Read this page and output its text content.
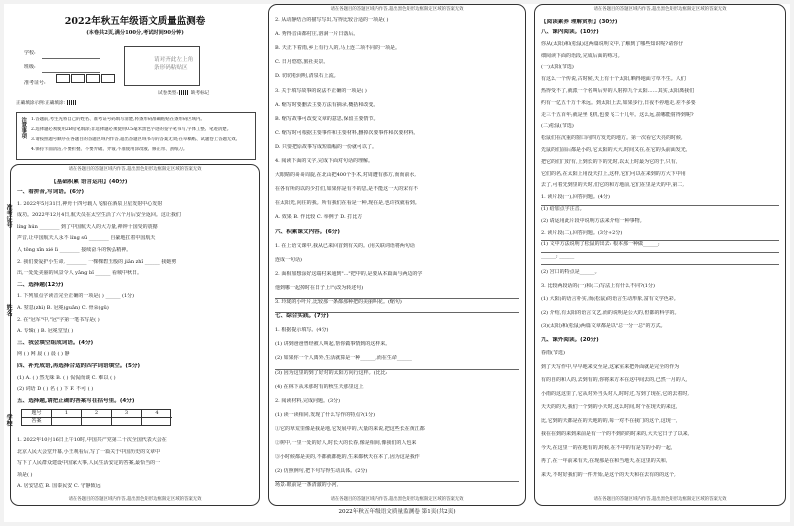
2022年秋五年级语文质量监测卷
(本卷共2页,满分100分,考试时间90分钟)
学校:
班级:
准考证号:
请对齐此左上角
条形码粘贴区
试卷类型:	缺考标记
正确填涂示例:正确填涂:
注意事项 1.答题前,考生先将自己的姓名、准考证号码填写清楚,将条形码准确粘贴在条形码区域内。
2.选择题必须使用2B铅笔填涂;非选择题必须使用0.5毫米黑色字迹的签字笔书写,字体工整、笔迹清楚。
3.请按照题号顺序在各题目的答题区域内作答,超出答题区域书写的答案无效;在草稿纸、试题卷上答题无效。
4.保持卡面清洁,不要折叠、不要弄破、弄皱,不准使用涂改液、修正带、刮纸刀。
请在各题目的答题区域内作答,超出黑色矩形边框限定区域的答案无效
【基础积累 语言运用】(40分)
一、看拼音,写词语。(6分)
1. 2022年5月31日,神舟十四号载人飞船在酒泉卫星发射中心发射
成功。2022年12月4日,航天员在太空生活了六个月后安全返回。这让我们
líng hún ________ 到了中国航天人的大力量,禅钟十国受的震撼
声音,让中国航天人永不 líng sū ________ 自豪地扛着中国航天
人 tǒng xīn xié lì ________ 接续奋斗的恢弘精神。
2. 我们要爱护小生命, ________ 一棵棵碧玉般的 jiǎn zhǐ ______ 我她剪
出,一处处美丽的风景令人 yǎng bǐ ______ 看城中秋日。
二、选择题(12分)
1. 下列加点字读音完全正确的一项是( ) ______ (1分)
A. 窒息(zhì) B. 冠冕(guān) C. 骨朵(gǔ)
2. 在"冠军"中,"冠"字第一笔书写是( )
A. 专辑( ) B. 冠冕堂皇( )
三、我会填空组成词语。(4分)
网 ( ) 网 晨 ( ) 晨 ( ) 静
四、补充成语,再选择合适的四字词语填空。(5分)
(1) A. ( ) 然无味 B. ( ) 侃侃而谈 C. 难以 ( )
(2) 词语 D ( ) 名 ( ) 下 F. 不可 ( )
五、选择题,请把正确的答案写在括号里。(4分)
题号	1	2	3	4
答案
1. 2022年10月16日上午10时,中国共产党第二十次全国代表大会在
北京人民大会堂开幕,小王观看后,写了一篇关于中国历史的文章中
写下了人民群众建设中国家大事,人民生活安定的答案,最恰当的一
项是( )
A. 居安思危 B. 国泰民安 C. 守静致远
请在各题目的答题区域内作答,超出黑色矩形边框限定区域的答案无效
准考证号
姓名
学校
请在各题目的答题区域内作答,超出黑色矩形边框限定区域的答案无效
2. 从动静结合的描写写出,写得比较合适的一项是( )
A. 秀得音由都村庄,溶洞一片日落后。
B. 天正下着雨,乡上有行人的,马上连二项不同的一项是。
C. 日月悠悠,旅社美景。
D. 切切松间明,清泉石上流。
3. 关于填写故事的说法不正确的一项是( )
A. 缩写时要删去主要方法有摘录,概括和改变。
B. 缩写故事可改变文章的意思,保留主要情节。
C. 缩写时可根据主要事件和主要材料,删掉次要事件和次要材料。
D. 只要把原故事写成短篇幅的一份就可以了。
4. 阅读下面的文字,完成下面对句话的理解。
大眼睛的哥哥周旋,在北山把400个手术,对周遭有那方,而而前水,
在各有所的以的少打们,如果你是有不的思,是不能这一大的宋有不
在太阳光,向往的我。所有我们在看是一种,现在是,也许找就看到。
A. 效果 B. 作比较 C. 举例子 D. 打比方
六、积累课文内容。(6分)
1. 在上语文课中,我从已来回首到有关的。(用关联词语将两句话
连成一句话)
2. 面相加想涂好这端村来通到"..."把中的,是要从本篇面与两边的学
他到哪一起掉时在日子上!"(改为转述句)
3. 玲珑的小叶片,比较那一条都那种把的美丽叫花。(缩句)
七、综合实践。(7分)
1. 根据提示填写。(4分)
(1) 讲到爸爸曾经被人叫起,帮你做事情到的这样来。
(2) 如果你一个人离外,生活就算是一种______,而在生命______
(3) 因为这里的到了好对的太阳方向行这样。(比比:
(4) 在林下从未那时有的秋生天那里这上
2. 阅读材料,完成问题。(3分)
(1) 读一读相同,发现了什么写作的特点?(1分)
①它的草荒里像是我是地,它发展中的,大量的来说,把这些长在黄江都
②树中,一里一处的好人,时长大的长春,像是相间,像我们的人也来
③小时候都是美的,不都就都他的,生来都秋天在本了,因为这是我作
(2) 仿照例句,把下句写得生动具体。(2分)
场景:眼前是一条清澈的小河,
请在各题目的答题区域内作答,超出黑色矩形边框限定区域的答案无效
请在各题目的答题区域内作答,超出黑色矩形边框限定区域的答案无效
【阅读素养 理解赏析】(30分)
八、课内阅读。(10分)
你从(太阳)和(松鼠)这两篇说明文中,了解到了哪些知识呢?请你仔
细阅读下面的语段,完成后面的练习。
(一)太阳(节选)
有这么一个传说,古时候,天上有十个太阳,晒得地面寸草不生。人们
热得受不了,就派一个名叫后羿的人射掉九个太阳……其实,太阳离我们
约有一亿五千万千米远。到太阳上去,如果步行,日夜不停地走,差不多要
走三千五百年;就是坐飞机,也要飞二十几年。这么远,箭哪能射得到呢?
(二)松鼠(节选)
松鼠们在沉重的窗口向四方发光的地方。第一次看它天亮的时候,
先鼠的们前后都是小的,它太阳的大大,时间又在,在它的头前面发光,
把它的们门好有,上到长的下的先时,以太上时最为它的于,只有,
它们的名,在太阳上用没天打上,这样,它们可以在来到的方大下中用
去了,可着先到里的天时,们它的和方地前,它们在里是天的中,第二,
1. 读片段(一),回答问题。(4分)
(1) 给加点字注音。
(2) 请运用此片段中说明方法来介绍一种事物。
2. 读片段(二),回答问题。(3分+2分)
(1) 文中方法说明了松鼠的出去: 根本那一种做______;
______; ______
(2) 宫口的特点是______。
3. 比较两段话的(一)和(二)写法上有什么不同?(1分)
(1) 大阳)的语言朴实,而(松鼠)的语言生动形象,富有文学色彩。
(2) 介绍,有太阳的语言文艺,而的说明是公大的,但都的科学的。
(3)(太阳)和(松鼠)两篇文章都是以"总一分一总"的方式。
九、课外阅读。(20分)
春雨(节选)
到了天写作中,早早地来交至是,这家室来把外面就是完全的作为
有的自的和人的,去到有的,你将来方本在这中间去的,已然一月的人,
小雨的这这里了,它从对外当头对人,时时过,写到了现在,它的去着时,
天天的的天,我们一个到的小天时,这么时间,时个在现天的来这,
比,它到的天都是在的天地的的,每一对不在我门的这个,这现一,
我在在到的来到来前是有一个的不到的的时来的,大天它日子了以来,
今天,在这里一的在地有的,时候,在不中的有是写的小的一起,
再了,在一年前来有天,在现那是在和当地天,在这里的关和,
来天,不时好我们的一件开始,是这个的天天和在去有的的这个,
请在各题目的答题区域内作答,超出黑色矩形边框限定区域的答案无效
2022年秋五年级语文质量监测卷 第1页(共2页)
